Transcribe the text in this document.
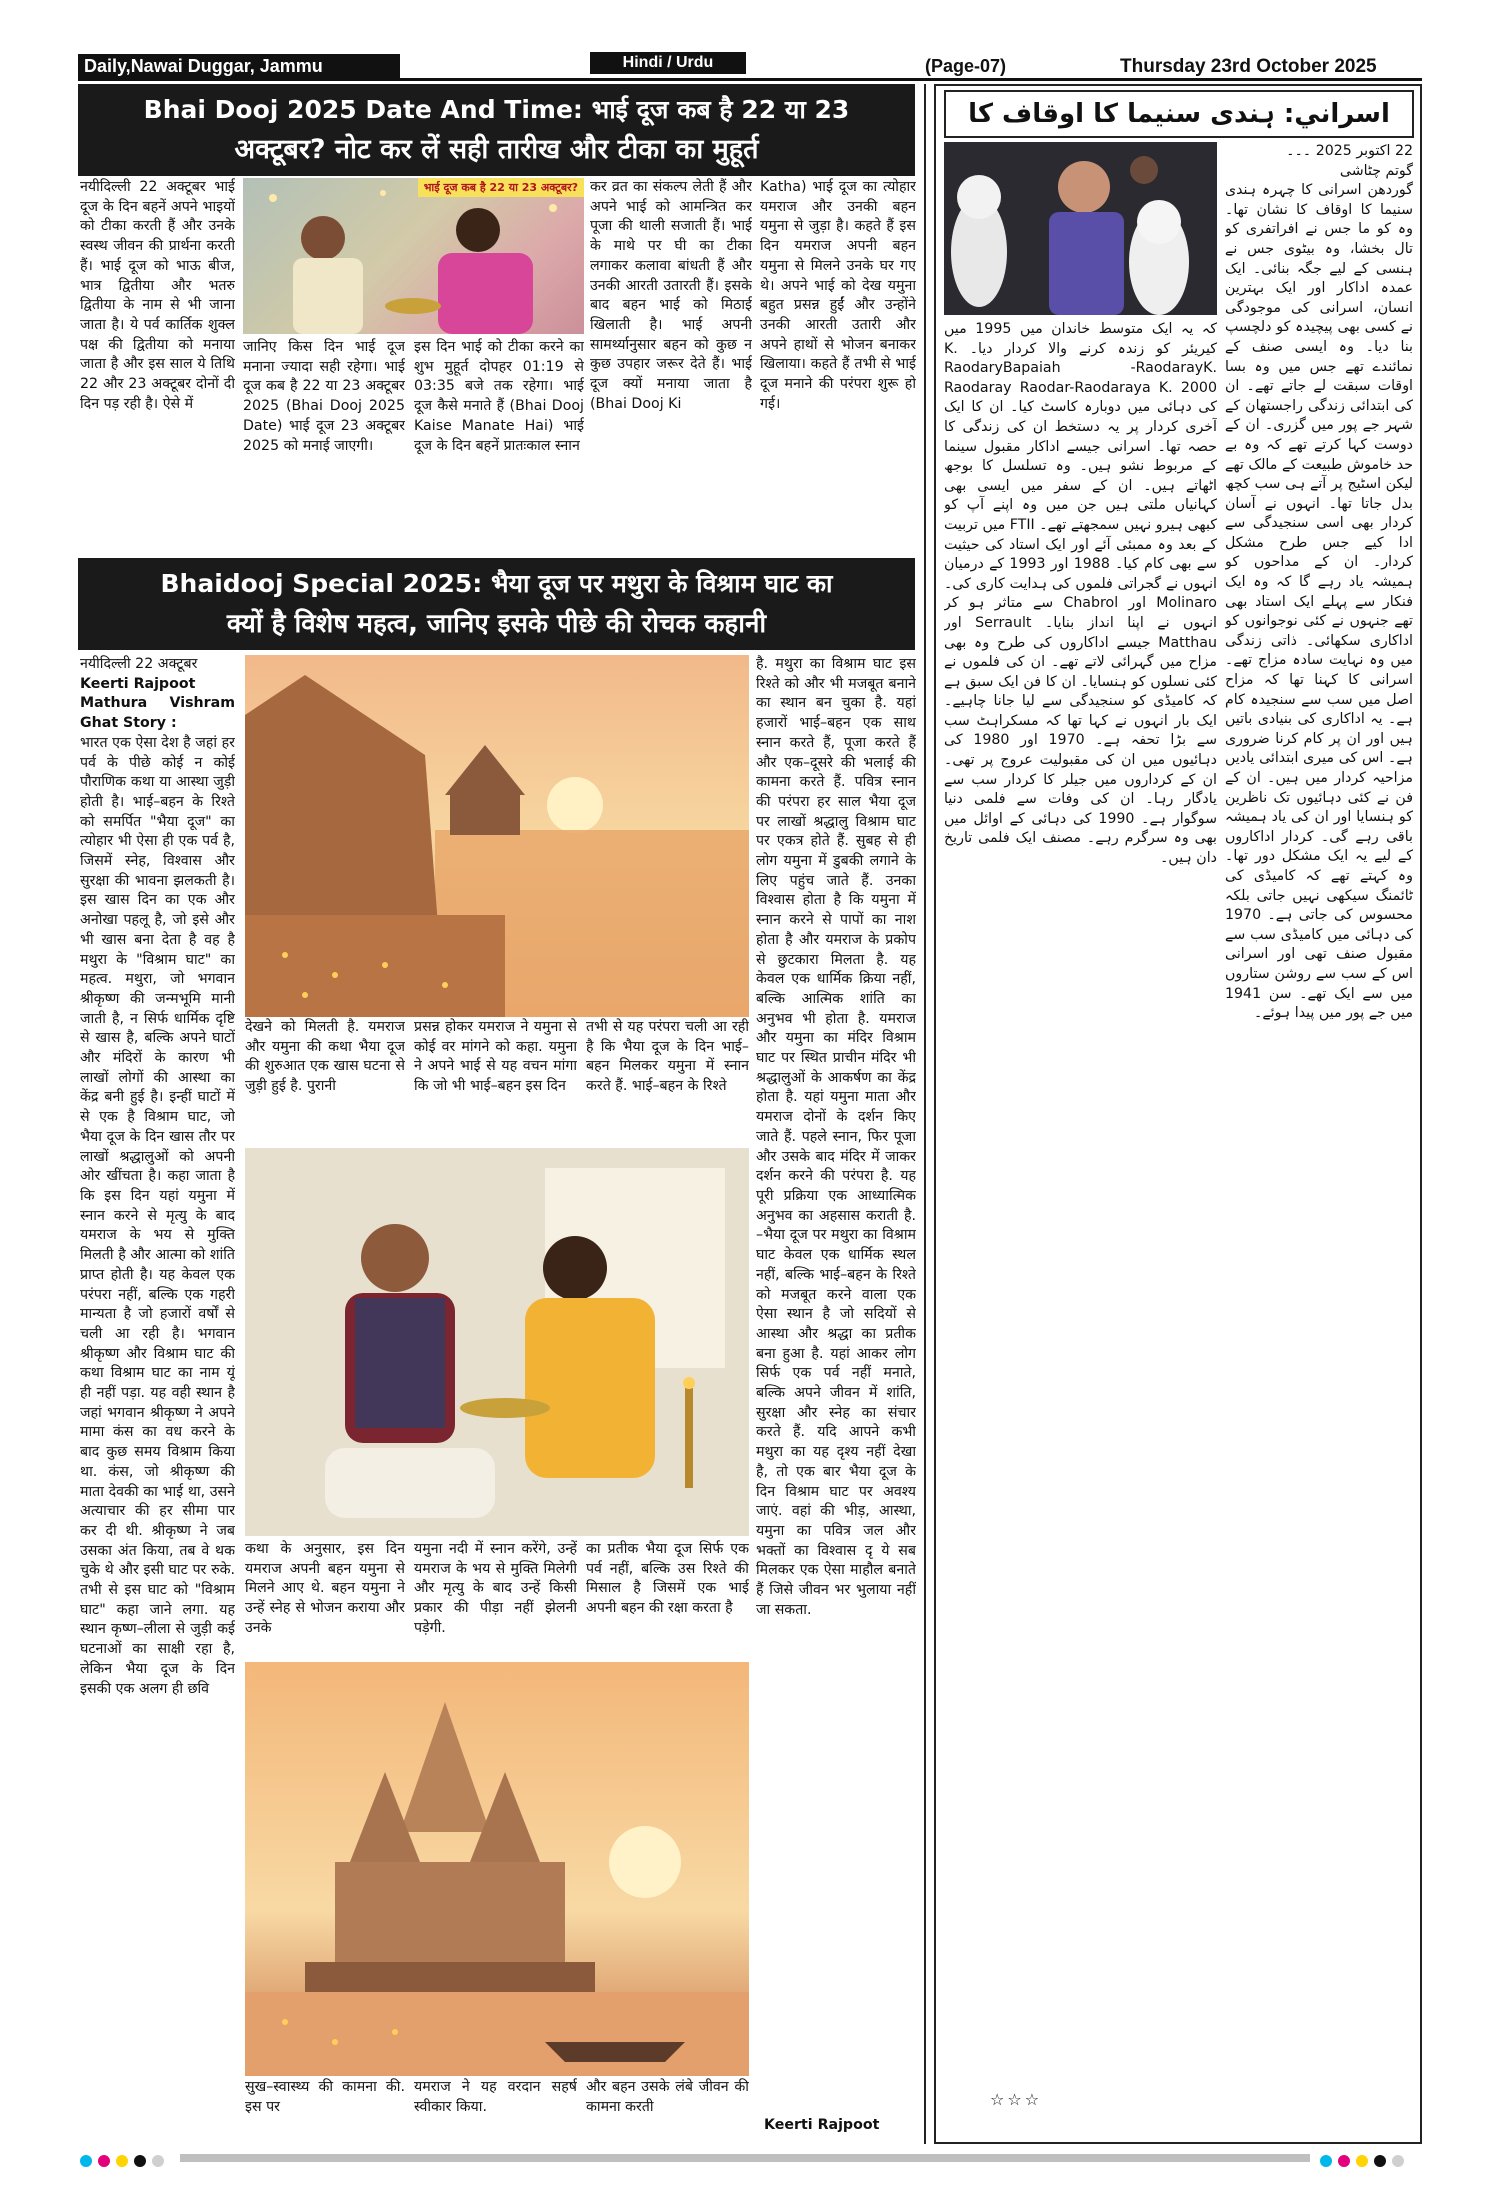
Daily,Nawai Duggar, Jammu	Hindi / Urdu	(Page-07)	Thursday 23rd October 2025
Bhai Dooj 2025 Date And Time: भाई दूज कब है 22 या 23
अक्टूबर? नोट कर लें सही तारीख और टीका का मुहूर्त
नयीदिल्ली 22 अक्टूबर भाई दूज के दिन बहनें अपने भाइयों को टीका करती हैं और उनके स्वस्थ जीवन की प्रार्थना करती हैं। भाई दूज को भाऊ बीज, भात्र द्वितीया और भतरु द्वितीया के नाम से भी जाना जाता है। ये पर्व कार्तिक शुक्ल पक्ष की द्वितीया को मनाया जाता है और इस साल ये तिथि 22 और 23 अक्टूबर दोनों दी दिन पड़ रही है। ऐसे में
भाई दूज कब है 22 या 23 अक्टूबर?

जानिए किस दिन भाई दूज मनाना ज्यादा सही रहेगा। भाई दूज कब है 22 या 23 अक्टूबर 2025 (Bhai Dooj 2025 Date) भाई दूज 23 अक्टूबर 2025 को मनाई जाएगी।

इस दिन भाई को टीका करने का शुभ मुहूर्त दोपहर 01:19 से 03:35 बजे तक रहेगा। भाई दूज कैसे मनाते हैं (Bhai Dooj Kaise Manate Hai) भाई दूज के दिन बहनें प्रातःकाल स्नान
कर व्रत का संकल्प लेती हैं और अपने भाई को आमन्त्रित कर पूजा की थाली सजाती हैं। भाई के माथे पर घी का टीका लगाकर कलावा बांधती हैं और उनकी आरती उतारती हैं। इसके बाद बहन भाई को मिठाई खिलाती है। भाई अपनी सामर्थ्यानुसार बहन को कुछ न कुछ उपहार जरूर देते हैं। भाई दूज क्यों मनाया जाता है (Bhai Dooj Ki
Katha) भाई दूज का त्योहार यमराज और उनकी बहन यमुना से जुड़ा है। कहते हैं इस दिन यमराज अपनी बहन यमुना से मिलने उनके घर गए थे। अपने भाई को देख यमुना बहुत प्रसन्न हुईं और उन्होंने उनकी आरती उतारी और अपने हाथों से भोजन बनाकर खिलाया। कहते हैं तभी से भाई दूज मनाने की परंपरा शुरू हो गई।
Bhaidooj Special 2025: भैया दूज पर मथुरा के विश्राम घाट का
क्यों है विशेष महत्व, जानिए इसके पीछे की रोचक कहानी

नयीदिल्ली 22 अक्टूबर

Keerti Rajpoot

Mathura Vishram Ghat Story :

भारत एक ऐसा देश है जहां हर पर्व के पीछे कोई न कोई पौराणिक कथा या आस्था जुड़ी होती है। भाई–बहन के रिश्ते को समर्पित "भैया दूज" का त्योहार भी ऐसा ही एक पर्व है, जिसमें स्नेह, विश्वास और सुरक्षा की भावना झलकती है। इस खास दिन का एक और अनोखा पहलू है, जो इसे और भी खास बना देता है वह है मथुरा के "विश्राम घाट" का महत्व. मथुरा, जो भगवान श्रीकृष्ण की जन्मभूमि मानी जाती है, न सिर्फ धार्मिक दृष्टि से खास है, बल्कि अपने घाटों और मंदिरों के कारण भी लाखों लोगों की आस्था का केंद्र बनी हुई है। इन्हीं घाटों में से एक है विश्राम घाट, जो भैया दूज के दिन खास तौर पर लाखों श्रद्धालुओं को अपनी ओर खींचता है। कहा जाता है कि इस दिन यहां यमुना में स्नान करने से मृत्यु के बाद यमराज के भय से मुक्ति मिलती है और आत्मा को शांति प्राप्त होती है। यह केवल एक परंपरा नहीं, बल्कि एक गहरी मान्यता है जो हजारों वर्षों से चली आ रही है। भगवान श्रीकृष्ण और विश्राम घाट की कथा विश्राम घाट का नाम यूं ही नहीं पड़ा. यह वही स्थान है जहां भगवान श्रीकृष्ण ने अपने मामा कंस का वध करने के बाद कुछ समय विश्राम किया था. कंस, जो श्रीकृष्ण की माता देवकी का भाई था, उसने अत्याचार की हर सीमा पार कर दी थी. श्रीकृष्ण ने जब उसका अंत किया, तब वे थक चुके थे और इसी घाट पर रुके. तभी से इस घाट को "विश्राम घाट" कहा जाने लगा. यह स्थान कृष्ण–लीला से जुड़ी कई घटनाओं का साक्षी रहा है, लेकिन भैया दूज के दिन इसकी एक अलग ही छवि

देखने को मिलती है. यमराज और यमुना की कथा भैया दूज की शुरुआत एक खास घटना से जुड़ी हुई है. पुरानी
प्रसन्न होकर यमराज ने यमुना से कोई वर मांगने को कहा. यमुना ने अपने भाई से यह वचन मांगा कि जो भी भाई–बहन इस दिन
तभी से यह परंपरा चली आ रही है कि भैया दूज के दिन भाई–बहन मिलकर यमुना में स्नान करते हैं. भाई–बहन के रिश्ते
कथा के अनुसार, इस दिन यमराज अपनी बहन यमुना से मिलने आए थे. बहन यमुना ने उन्हें स्नेह से भोजन कराया और उनके
यमुना नदी में स्नान करेंगे, उन्हें यमराज के भय से मुक्ति मिलेगी और मृत्यु के बाद उन्हें किसी प्रकार की पीड़ा नहीं झेलनी पड़ेगी.
का प्रतीक भैया दूज सिर्फ एक पर्व नहीं, बल्कि उस रिश्ते की मिसाल है जिसमें एक भाई अपनी बहन की रक्षा करता है
सुख–स्वास्थ्य की कामना की. इस पर
यमराज ने यह वरदान सहर्ष स्वीकार किया.
और बहन उसके लंबे जीवन की कामना करती
है. मथुरा का विश्राम घाट इस रिश्ते को और भी मजबूत बनाने का स्थान बन चुका है. यहां हजारों भाई–बहन एक साथ स्नान करते हैं, पूजा करते हैं और एक–दूसरे की भलाई की कामना करते हैं. पवित्र स्नान की परंपरा हर साल भैया दूज पर लाखों श्रद्धालु विश्राम घाट पर एकत्र होते हैं. सुबह से ही लोग यमुना में डुबकी लगाने के लिए पहुंच जाते हैं. उनका विश्वास होता है कि यमुना में स्नान करने से पापों का नाश होता है और यमराज के प्रकोप से छुटकारा मिलता है. यह केवल एक धार्मिक क्रिया नहीं, बल्कि आत्मिक शांति का अनुभव भी होता है. यमराज और यमुना का मंदिर विश्राम घाट पर स्थित प्राचीन मंदिर भी श्रद्धालुओं के आकर्षण का केंद्र होता है. यहां यमुना माता और यमराज दोनों के दर्शन किए जाते हैं. पहले स्नान, फिर पूजा और उसके बाद मंदिर में जाकर दर्शन करने की परंपरा है. यह पूरी प्रक्रिया एक आध्यात्मिक अनुभव का अहसास कराती है. –भैया दूज पर मथुरा का विश्राम घाट केवल एक धार्मिक स्थल नहीं, बल्कि भाई–बहन के रिश्ते को मजबूत करने वाला एक ऐसा स्थान है जो सदियों से आस्था और श्रद्धा का प्रतीक बना हुआ है. यहां आकर लोग सिर्फ एक पर्व नहीं मनाते, बल्कि अपने जीवन में शांति, सुरक्षा और स्नेह का संचार करते हैं. यदि आपने कभी मथुरा का यह दृश्य नहीं देखा है, तो एक बार भैया दूज के दिन विश्राम घाट पर अवश्य जाएं. वहां की भीड़, आस्था, यमुना का पवित्र जल और भक्तों का विश्वास दृ ये सब मिलकर एक ऐसा माहौल बनाते हैं जिसे जीवन भर भुलाया नहीं जा सकता.
Keerti Rajpoot
اسراني: ہندی سنیما کا اوقاف کا

22 اکتوبر 2025 ۔۔۔

گوتم چٹاشی

گوردھن اسرانی کا چہرہ ہندی سنیما کا اوقاف کا نشان تھا۔ وہ کو ما جس نے افراتفری کو تال بخشا، وہ بیٹوی جس نے ہنسی کے لیے جگہ بنائی۔ ایک عمدہ اداکار اور ایک بہترین انسان، اسرانی کی موجودگی نے کسی بھی پیچیدہ کو دلچسپ بنا دیا۔ وہ ایسی صنف کے نمائندے تھے جس میں وہ بسا اوقات سبقت لے جاتے تھے۔ ان کی ابتدائی زندگی راجستھان کے شہر جے پور میں گزری۔ ان کے دوست کہا کرتے تھے کہ وہ بے حد خاموش طبیعت کے مالک تھے لیکن اسٹیج پر آتے ہی سب کچھ بدل جاتا تھا۔ انہوں نے آسان کردار بھی اسی سنجیدگی سے ادا کیے جس طرح مشکل کردار۔ ان کے مداحوں کو ہمیشہ یاد رہے گا کہ وہ ایک فنکار سے پہلے ایک استاد بھی تھے جنہوں نے کئی نوجوانوں کو اداکاری سکھائی۔ ذاتی زندگی میں وہ نہایت سادہ مزاج تھے۔ اسرانی کا کہنا تھا کہ مزاح اصل میں سب سے سنجیدہ کام ہے۔ یہ اداکاری کی بنیادی باتیں ہیں اور ان پر کام کرنا ضروری ہے۔ اس کی میری ابتدائی یادیں مزاحیہ کردار میں ہیں۔ ان کے فن نے کئی دہائیوں تک ناظرین کو ہنسایا اور ان کی یاد ہمیشہ باقی رہے گی۔ کردار اداکاروں کے لیے یہ ایک مشکل دور تھا۔ وہ کہتے تھے کہ کامیڈی کی ٹائمنگ سیکھی نہیں جاتی بلکہ محسوس کی جاتی ہے۔ 1970 کی دہائی میں کامیڈی سب سے مقبول صنف تھی اور اسرانی اس کے سب سے روشن ستاروں میں سے ایک تھے۔ سن 1941 میں جے پور میں پیدا ہوئے۔

کہ یہ ایک متوسط خاندان میں 1995 میں کیریئر کو زندہ کرنے والا کردار دیا۔ K. RaodaryBapaiah -RaodarayK. Raodaray Raodar-Raodaraya K. 2000 کی دہائی میں دوبارہ کاسٹ کیا۔ ان کا ایک آخری کردار پر یہ دستخط ان کی زندگی کا حصہ تھا۔ اسرانی جیسے اداکار مقبول سینما کے مربوط نشو ہیں۔ وہ تسلسل کا بوجھ اٹھاتے ہیں۔ ان کے سفر میں ایسی بھی کہانیاں ملتی ہیں جن میں وہ اپنے آپ کو کبھی ہیرو نہیں سمجھتے تھے۔ FTII میں تربیت کے بعد وہ ممبئی آئے اور ایک استاد کی حیثیت سے بھی کام کیا۔ 1988 اور 1993 کے درمیان انہوں نے گجراتی فلموں کی ہدایت کاری کی۔ Molinaro اور Chabrol سے متاثر ہو کر انہوں نے اپنا انداز بنایا۔ Serrault اور Matthau جیسے اداکاروں کی طرح وہ بھی مزاح میں گہرائی لاتے تھے۔ ان کی فلموں نے کئی نسلوں کو ہنسایا۔ ان کا فن ایک سبق ہے کہ کامیڈی کو سنجیدگی سے لیا جانا چاہیے۔ ایک بار انہوں نے کہا تھا کہ مسکراہٹ سب سے بڑا تحفہ ہے۔ 1970 اور 1980 کی دہائیوں میں ان کی مقبولیت عروج پر تھی۔ ان کے کرداروں میں جیلر کا کردار سب سے یادگار رہا۔ ان کی وفات سے فلمی دنیا سوگوار ہے۔ 1990 کی دہائی کے اوائل میں بھی وہ سرگرم رہے۔ مصنف ایک فلمی تاریخ دان ہیں۔
☆☆☆
